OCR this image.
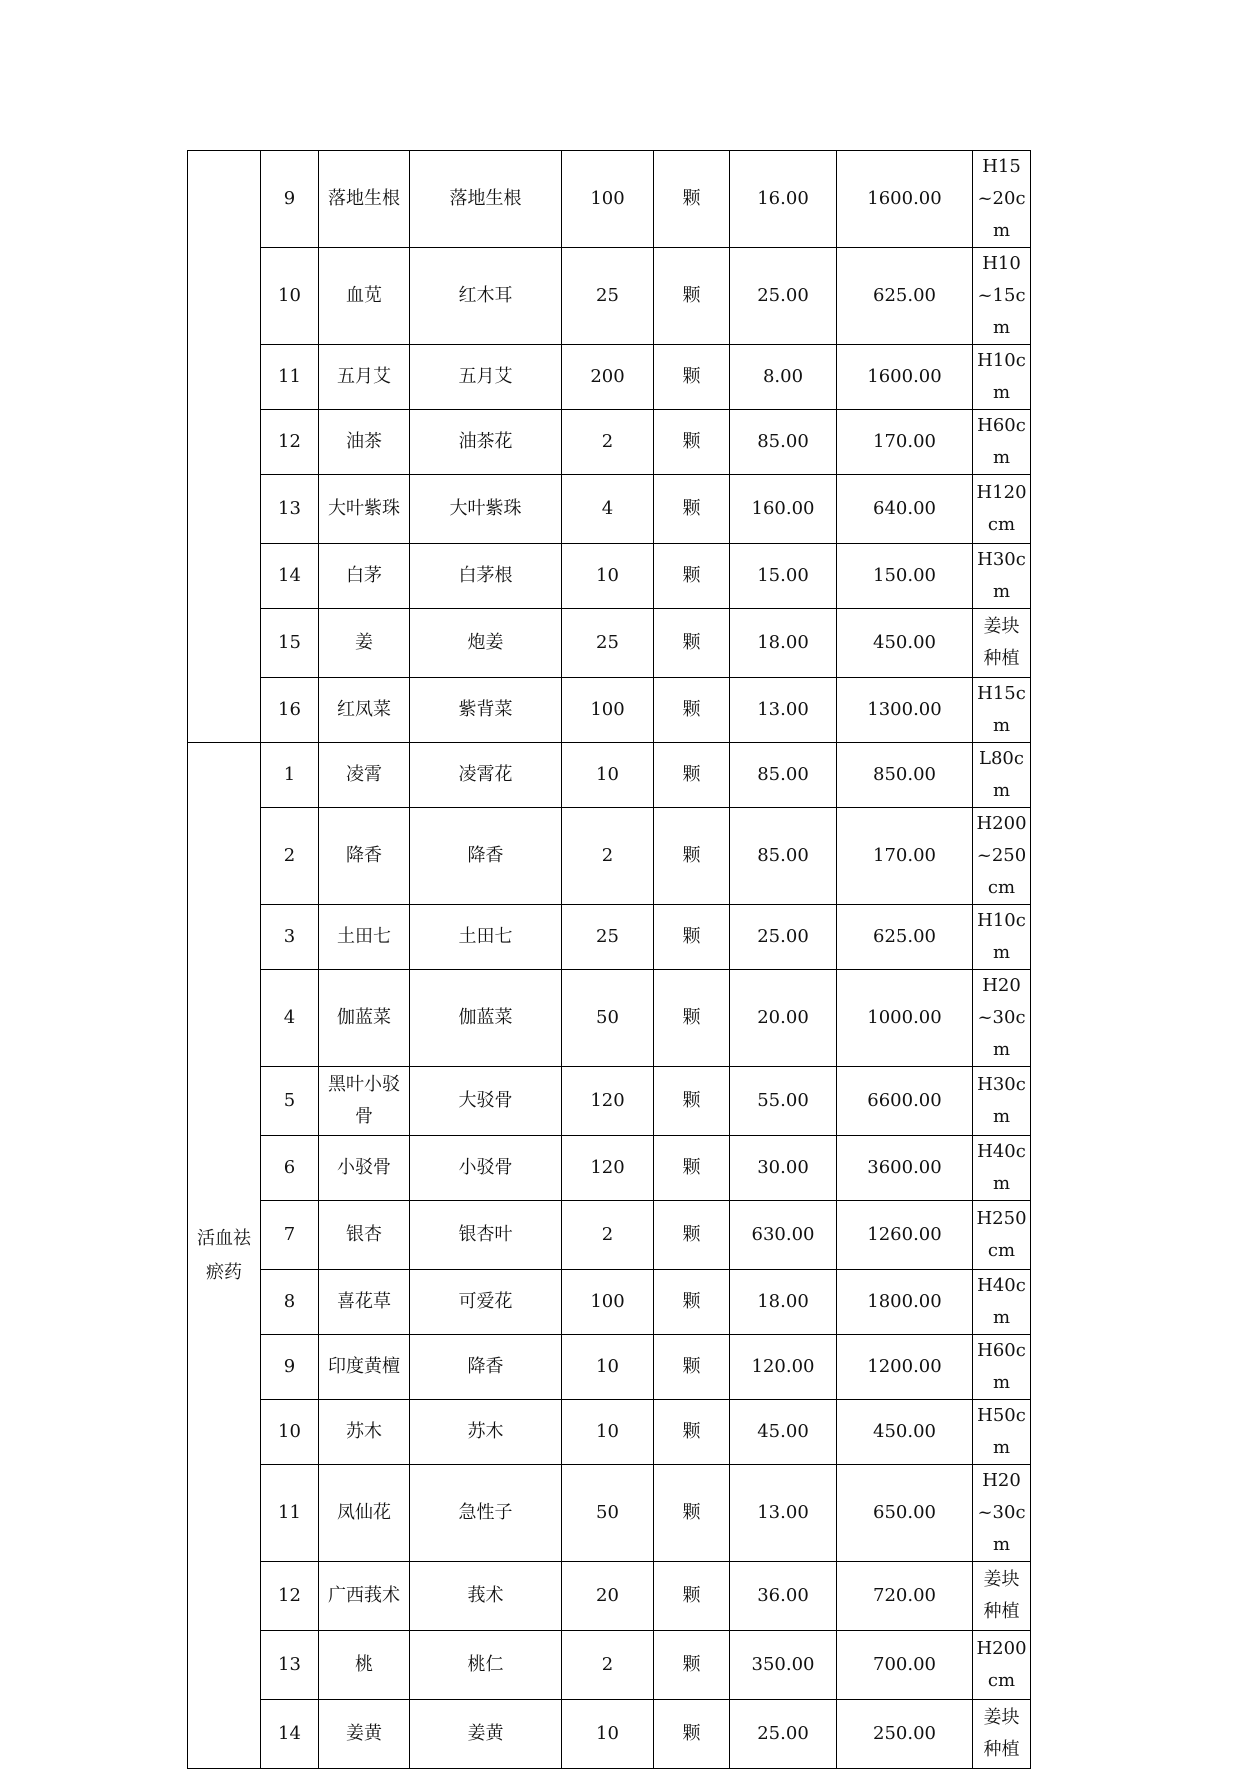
	9	落地生根	落地生根	100	颗	16.00	1600.00	H15~20cm
	10	血苋	红木耳	25	颗	25.00	625.00	H10~15cm
	11	五月艾	五月艾	200	颗	8.00	1600.00	H10cm
	12	油茶	油茶花	2	颗	85.00	170.00	H60cm
	13	大叶紫珠	大叶紫珠	4	颗	160.00	640.00	H120cm
	14	白茅	白茅根	10	颗	15.00	150.00	H30cm
	15	姜	炮姜	25	颗	18.00	450.00	姜块种植
	16	红凤菜	紫背菜	100	颗	13.00	1300.00	H15cm
活血祛瘀药	1	凌霄	凌霄花	10	颗	85.00	850.00	L80cm
	2	降香	降香	2	颗	85.00	170.00	H200~250cm
	3	土田七	土田七	25	颗	25.00	625.00	H10cm
	4	伽蓝菜	伽蓝菜	50	颗	20.00	1000.00	H20~30cm
	5	黑叶小驳骨	大驳骨	120	颗	55.00	6600.00	H30cm
	6	小驳骨	小驳骨	120	颗	30.00	3600.00	H40cm
	7	银杏	银杏叶	2	颗	630.00	1260.00	H250cm
	8	喜花草	可爱花	100	颗	18.00	1800.00	H40cm
	9	印度黄檀	降香	10	颗	120.00	1200.00	H60cm
	10	苏木	苏木	10	颗	45.00	450.00	H50cm
	11	凤仙花	急性子	50	颗	13.00	650.00	H20~30cm
	12	广西莪术	莪术	20	颗	36.00	720.00	姜块种植
	13	桃	桃仁	2	颗	350.00	700.00	H200cm
	14	姜黄	姜黄	10	颗	25.00	250.00	姜块种植
